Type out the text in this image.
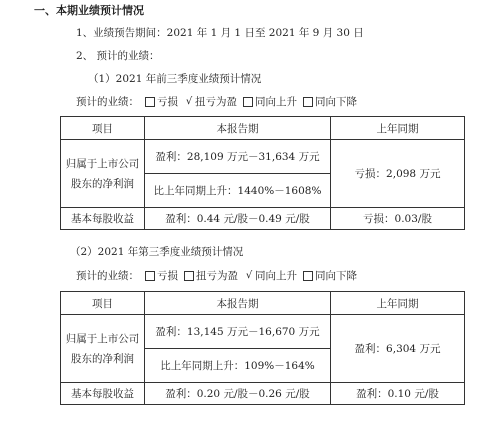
一、本期业绩预计情况
1、业绩预告期间：2021 年 1 月 1 日至 2021 年 9 月 30 日
2、 预计的业绩：
（1）2021 年前三季度业绩预计情况
预计的业绩： 亏损 √ 扭亏为盈 同向上升 同向下降
项目	本报告期	上年同期

归属于上市公司
股东的净利润	盈利：28,109 万元－31,634 万元	亏损：2,098 万元
	比上年同期上升：1440%－1608%	
基本每股收益	盈利：0.44 元/股－0.49 元/股	亏损：0.03/股
（2）2021 年第三季度业绩预计情况
预计的业绩： 亏损 扭亏为盈 √ 同向上升 同向下降
项目	本报告期	上年同期

归属于上市公司
股东的净利润	盈利：13,145 万元－16,670 万元	盈利：6,304 万元
	比上年同期上升：109%－164%	
基本每股收益	盈利：0.20 元/股－0.26 元/股	盈利：0.10 元/股
